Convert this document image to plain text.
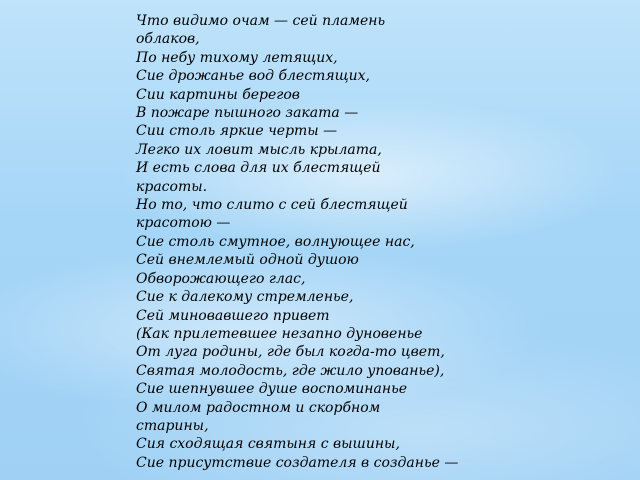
Что видимо очам — сей пламень
облаков,
По небу тихому летящих,
Сие дрожанье вод блестящих,
Сии картины берегов
В пожаре пышного заката —
Сии столь яркие черты —
Легко их ловит мысль крылата,
И есть слова для их блестящей
красоты.
Но то, что слито с сей блестящей
красотою —
Сие столь смутное, волнующее нас,
Сей внемлемый одной душою
Обворожающего глас,
Сие к далекому стремленье,
Сей миновавшего привет
(Как прилетевшее незапно дуновенье
От луга родины, где был когда-то цвет,
Святая молодость, где жило упованье),
Сие шепнувшее душе воспоминанье
О милом радостном и скорбном
старины,
Сия сходящая святыня с вышины,
Сие присутствие создателя в созданье —
